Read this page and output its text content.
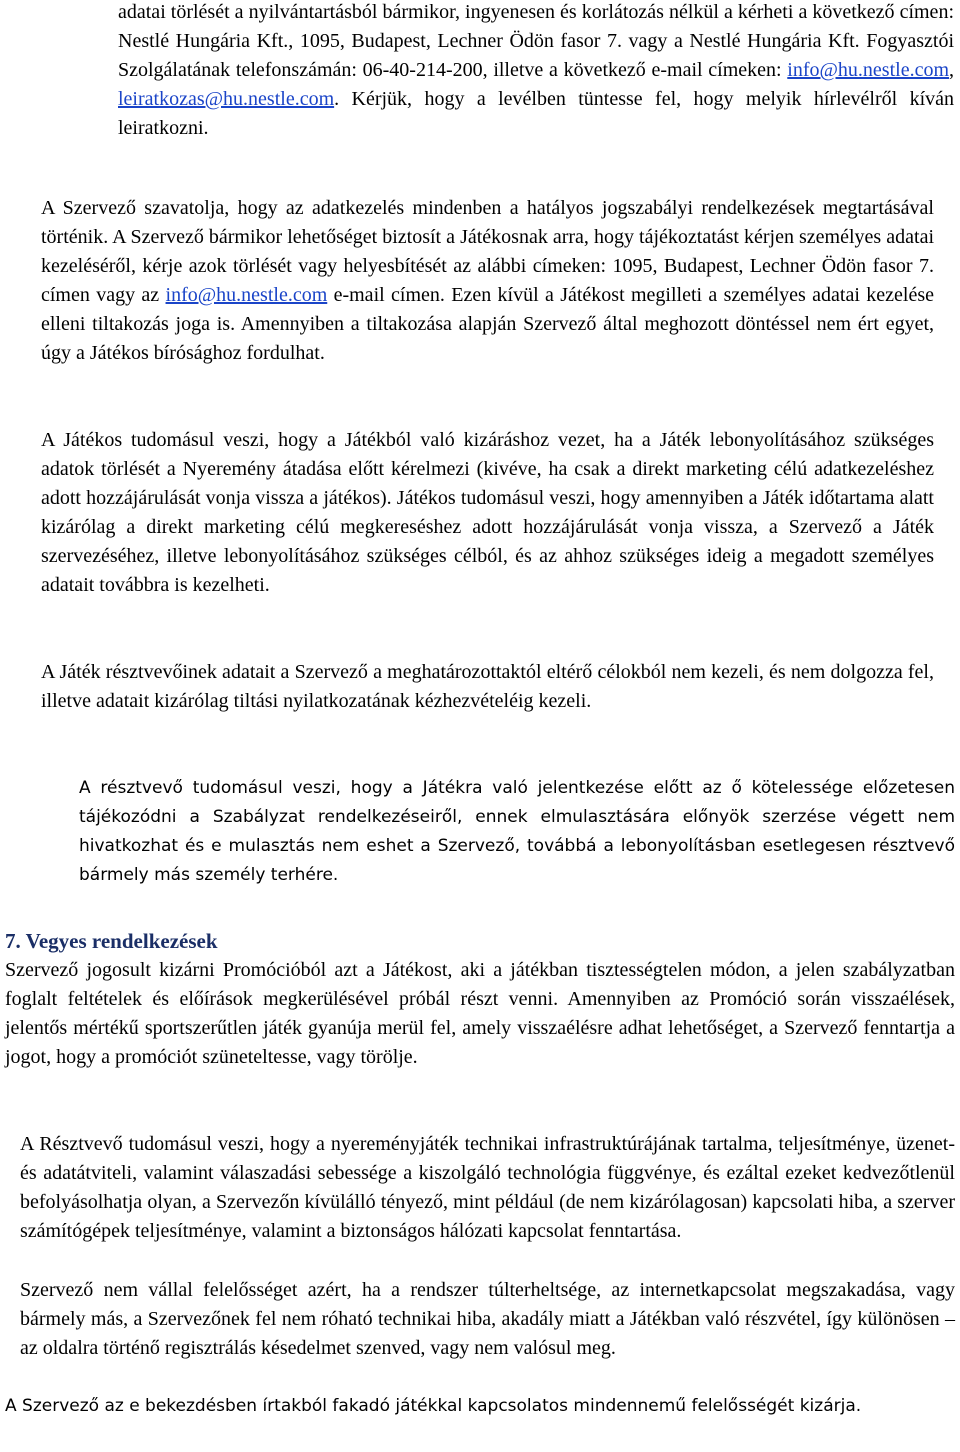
adatai törlését a nyilvántartásból bármikor, ingyenesen és korlátozás nélkül a kérheti a következő címen: Nestlé Hungária Kft., 1095, Budapest, Lechner Ödön fasor 7. vagy a Nestlé Hungária Kft. Fogyasztói Szolgálatának telefonszámán: 06-40-214-200, illetve a következő e-mail címeken: info@hu.nestle.com, leiratkozas@hu.nestle.com. Kérjük, hogy a levélben tüntesse fel, hogy melyik hírlevélről kíván leiratkozni.

A Szervező szavatolja, hogy az adatkezelés mindenben a hatályos jogszabályi rendelkezések megtartásával történik. A Szervező bármikor lehetőséget biztosít a Játékosnak arra, hogy tájékoztatást kérjen személyes adatai kezeléséről, kérje azok törlését vagy helyesbítését az alábbi címeken: 1095, Budapest, Lechner Ödön fasor 7. címen vagy az info@hu.nestle.com e-mail címen. Ezen kívül a Játékost megilleti a személyes adatai kezelése elleni tiltakozás joga is. Amennyiben a tiltakozása alapján Szervező által meghozott döntéssel nem ért egyet, úgy a Játékos bírósághoz fordulhat.

A Játékos tudomásul veszi, hogy a Játékból való kizáráshoz vezet, ha a Játék lebonyolításához szükséges adatok törlését a Nyeremény átadása előtt kérelmezi (kivéve, ha csak a direkt marketing célú adatkezeléshez adott hozzájárulását vonja vissza a játékos). Játékos tudomásul veszi, hogy amennyiben a Játék időtartama alatt kizárólag a direkt marketing célú megkereséshez adott hozzájárulását vonja vissza, a Szervező a Játék szervezéséhez, illetve lebonyolításához szükséges célból, és az ahhoz szükséges ideig a megadott személyes adatait továbbra is kezelheti.

A Játék résztvevőinek adatait a Szervező a meghatározottaktól eltérő célokból nem kezeli, és nem dolgozza fel, illetve adatait kizárólag tiltási nyilatkozatának kézhezvételéig kezeli.

A résztvevő tudomásul veszi, hogy a Játékra való jelentkezése előtt az ő kötelessége előzetesen tájékozódni a Szabályzat rendelkezéseiről, ennek elmulasztására előnyök szerzése végett nem hivatkozhat és e mulasztás nem eshet a Szervező, továbbá a lebonyolításban esetlegesen résztvevő bármely más személy terhére.

7. Vegyes rendelkezések

Szervező jogosult kizárni Promócióból azt a Játékost, aki a játékban tisztességtelen módon, a jelen szabályzatban foglalt feltételek és előírások megkerülésével próbál részt venni. Amennyiben az Promóció során visszaélések, jelentős mértékű sportszerűtlen játék gyanúja merül fel, amely visszaélésre adhat lehetőséget, a Szervező fenntartja a jogot, hogy a promóciót szüneteltesse, vagy törölje.

A Résztvevő tudomásul veszi, hogy a nyereményjáték technikai infrastruktúrájának tartalma, teljesítménye, üzenet- és adatátviteli, valamint válaszadási sebessége a kiszolgáló technológia függvénye, és ezáltal ezeket kedvezőtlenül befolyásolhatja olyan, a Szervezőn kívülálló tényező, mint például (de nem kizárólagosan) kapcsolati hiba, a szerver számítógépek teljesítménye, valamint a biztonságos hálózati kapcsolat fenntartása.

Szervező nem vállal felelősséget azért, ha a rendszer túlterheltsége, az internetkapcsolat megszakadása, vagy bármely más, a Szervezőnek fel nem róható technikai hiba, akadály miatt a Játékban való részvétel, így különösen – az oldalra történő regisztrálás késedelmet szenved, vagy nem valósul meg.

A Szervező az e bekezdésben írtakból fakadó játékkal kapcsolatos mindennemű felelősségét kizárja.
